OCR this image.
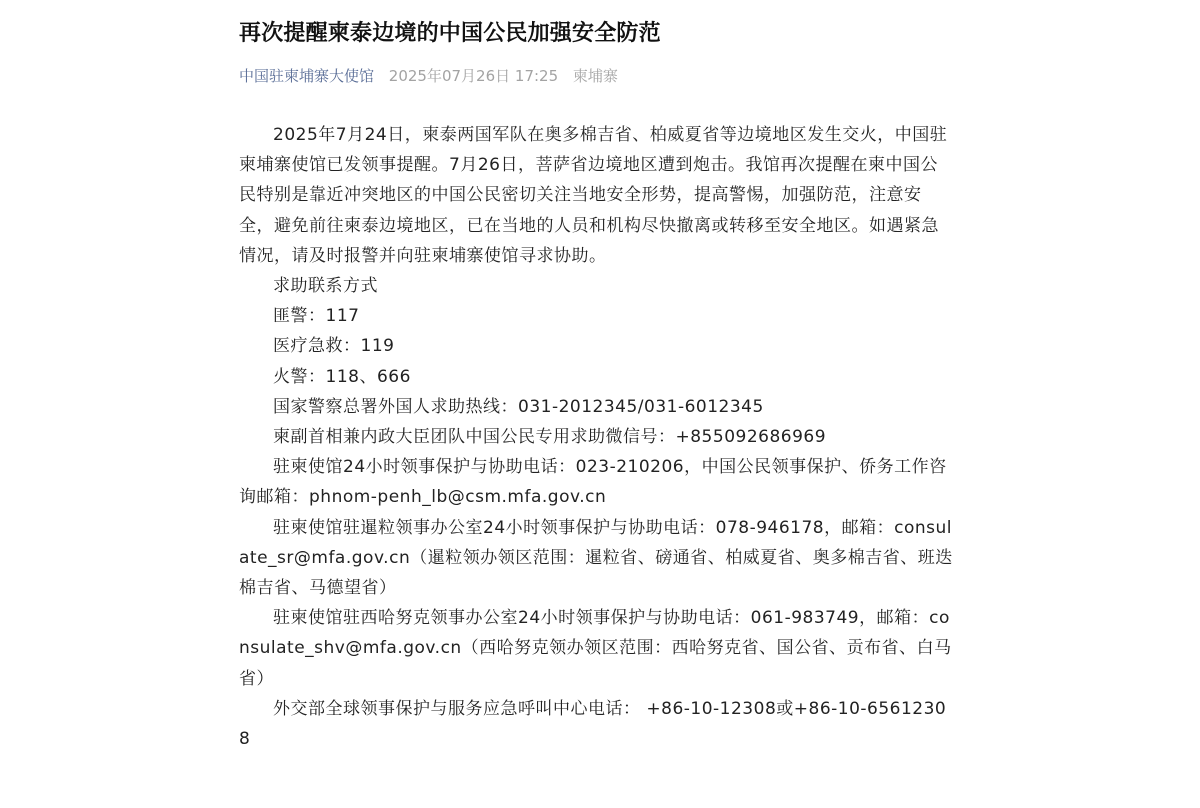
再次提醒柬泰边境的中国公民加强安全防范
中国驻柬埔寨大使馆 2025年07月26日 17:25 柬埔寨

2025年7月24日，柬泰两国军队在奥多棉吉省、柏威夏省等边境地区发生交火，中国驻柬埔寨使馆已发领事提醒。7月26日，菩萨省边境地区遭到炮击。我馆再次提醒在柬中国公民特别是靠近冲突地区的中国公民密切关注当地安全形势，提高警惕，加强防范，注意安全，避免前往柬泰边境地区，已在当地的人员和机构尽快撤离或转移至安全地区。如遇紧急情况，请及时报警并向驻柬埔寨使馆寻求协助。

求助联系方式

匪警：117

医疗急救：119

火警：118、666

国家警察总署外国人求助热线：031-2012345/031-6012345

柬副首相兼内政大臣团队中国公民专用求助微信号：+855092686969

驻柬使馆24小时领事保护与协助电话：023-210206，中国公民领事保护、侨务工作咨询邮箱：phnom-penh_lb@csm.mfa.gov.cn

驻柬使馆驻暹粒领事办公室24小时领事保护与协助电话：078-946178，邮箱：consulate_sr@mfa.gov.cn（暹粒领办领区范围：暹粒省、磅通省、柏威夏省、奥多棉吉省、班迭棉吉省、马德望省）

驻柬使馆驻西哈努克领事办公室24小时领事保护与协助电话：061-983749，邮箱：consulate_shv@mfa.gov.cn（西哈努克领办领区范围：西哈努克省、国公省、贡布省、白马省）

外交部全球领事保护与服务应急呼叫中心电话： +86-10-12308或+86-10-65612308
